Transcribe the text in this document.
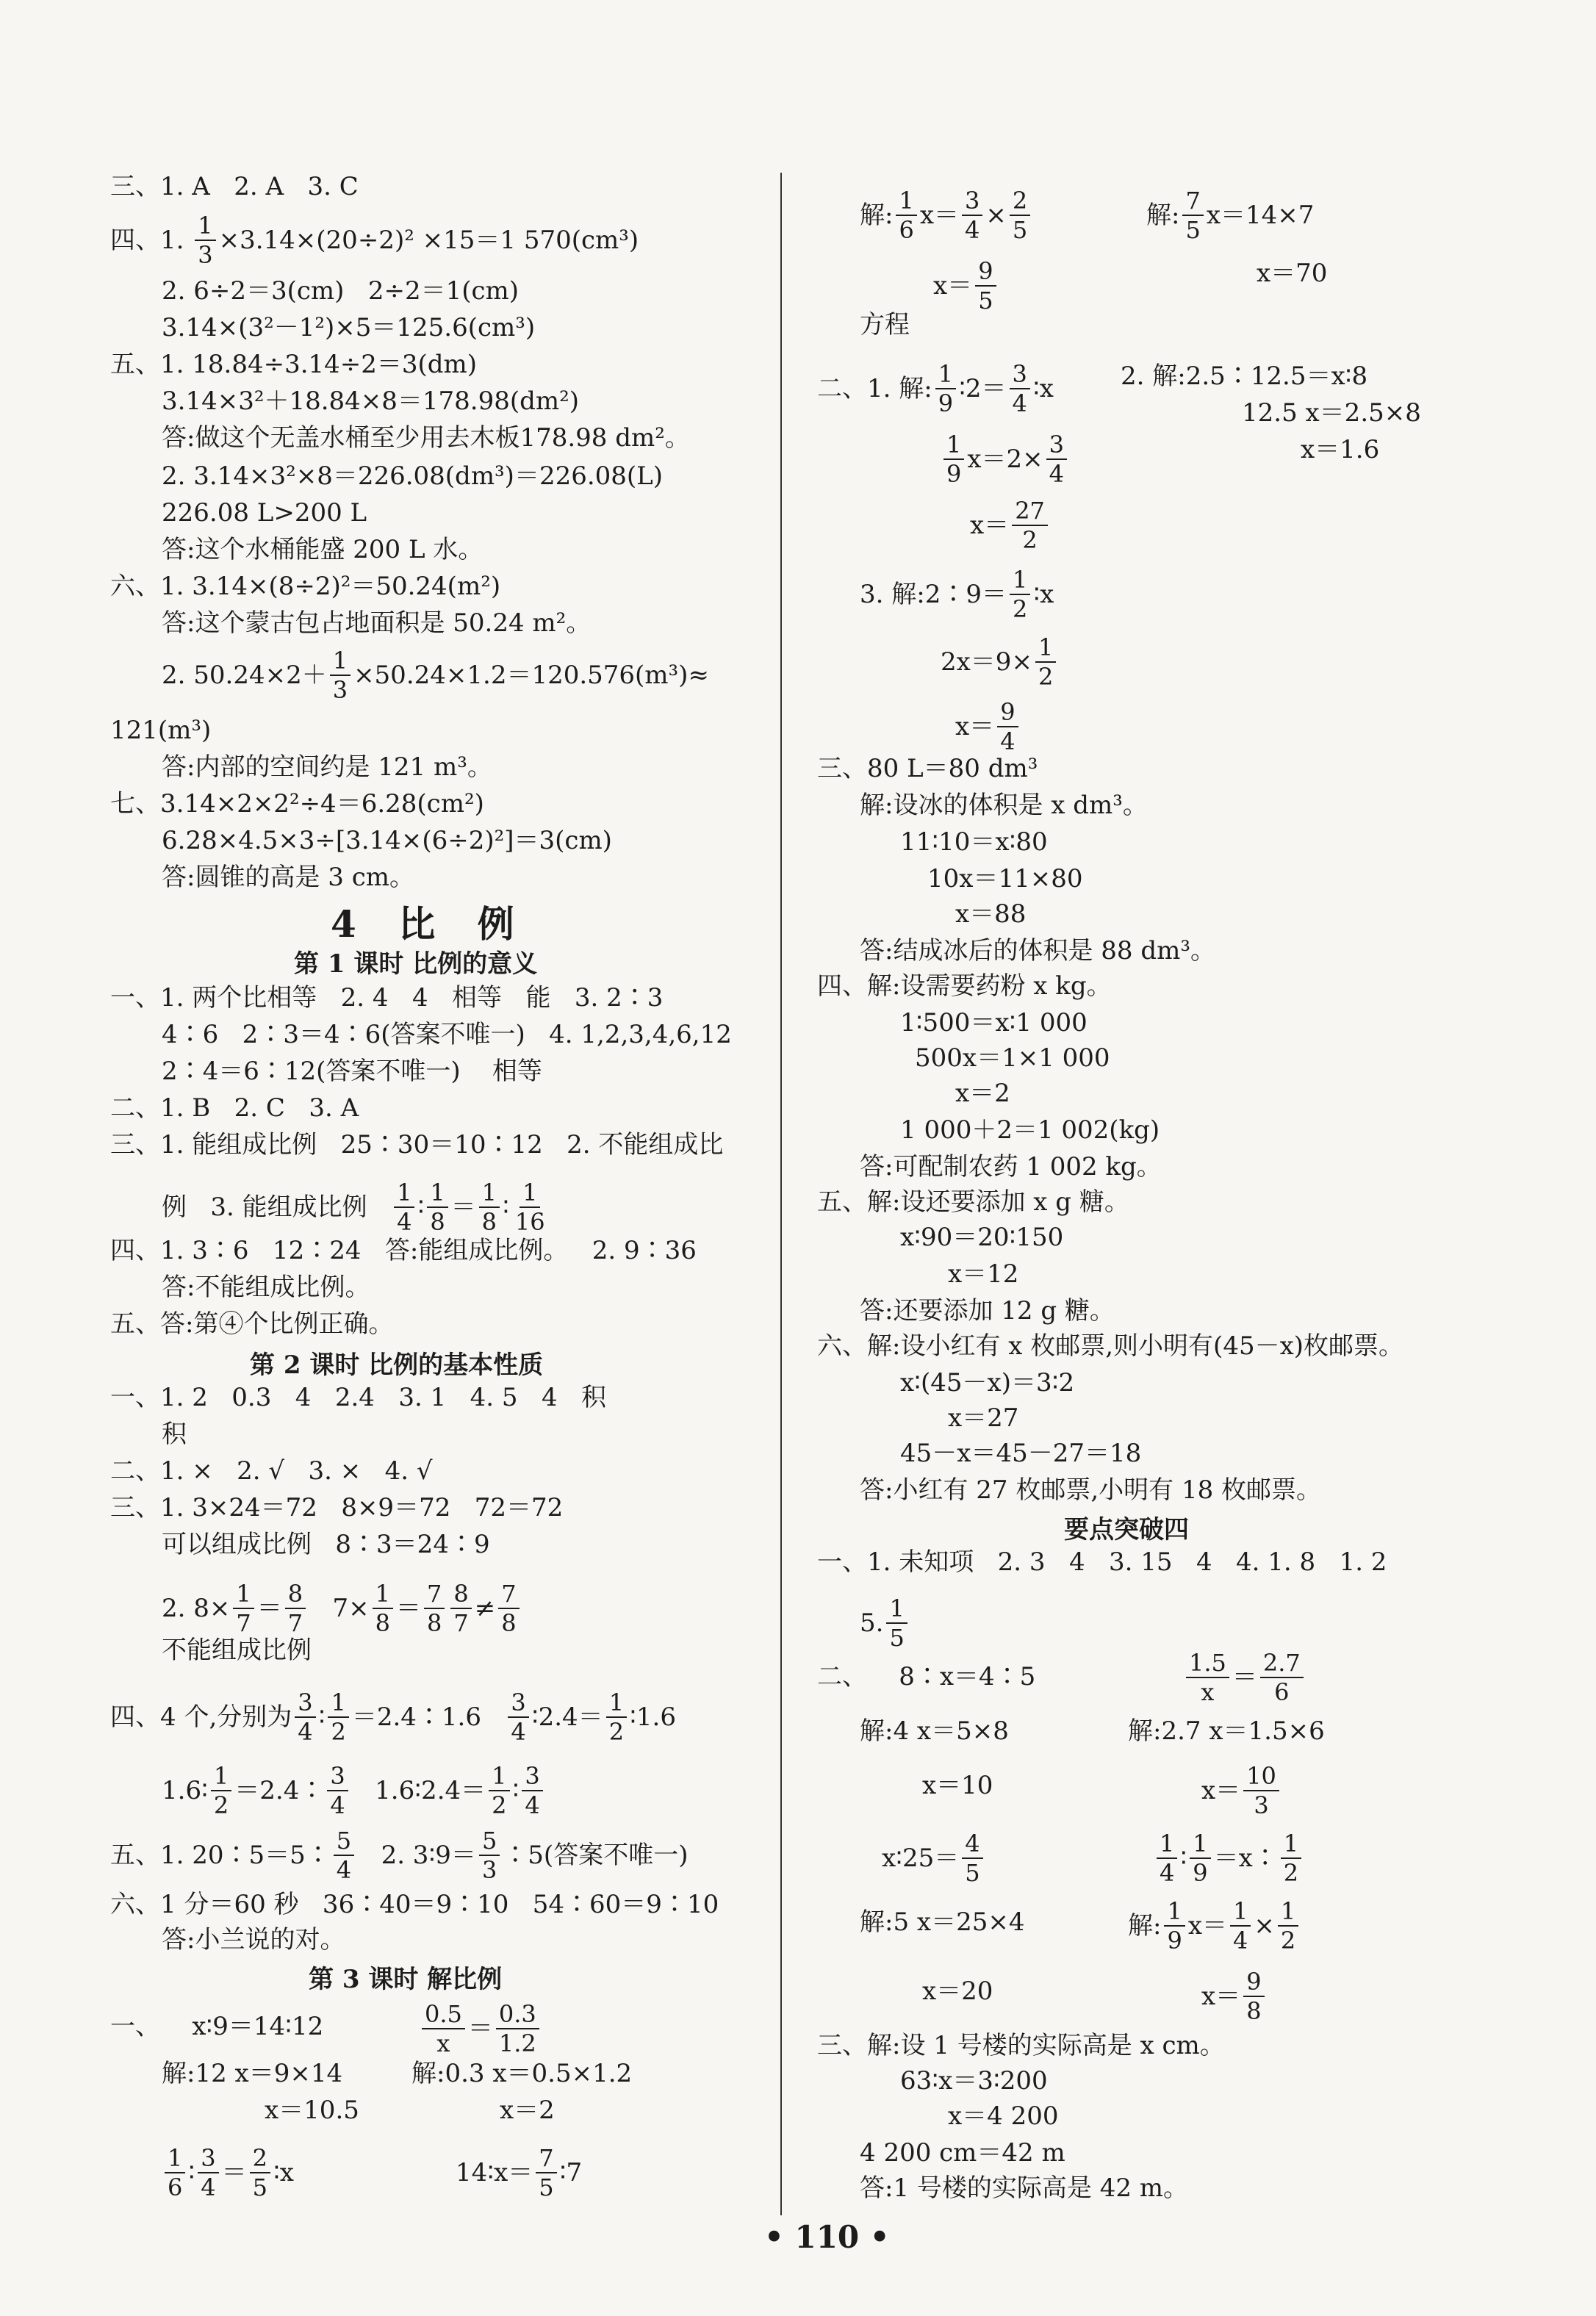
三、1. A   2. A   3. C
四、1. $\frac{1}{3} \times 3.14\times(20\div 2)^2 \times 15=1$ 570(cm³)
2. 6÷2＝3(cm)   2÷2＝1(cm)
3.14×(3²－1²)×5＝125.6(cm³)
五、1. 18.84÷3.14÷2＝3(dm)
3.14×3²＋18.84×8＝178.98(dm²)
答:做这个无盖水桶至少用去木板178.98 dm²。
2. 3.14×3²×8＝226.08(dm³)＝226.08(L)
226.08 L>200 L
答:这个水桶能盛 200 L 水。
六、1. 3.14×(8÷2)²＝50.24(m²)
答:这个蒙古包占地面积是 50.24 m²。
2. $50.24\times 2+ \frac{1}{3} \times 50.24\times 1.2=120.576(m^3)\approx$
121(m³)
答:内部的空间约是 121 m³。
七、3.14×2×2²÷4＝6.28(cm²)
6.28×4.5×3÷[3.14×(6÷2)²]＝3(cm)
答:圆锥的高是 3 cm。
4 比 例
第 1 课时 比例的意义
一、1. 两个比相等   2. 4   4   相等   能   3. 2∶3
4∶6   2∶3＝4∶6(答案不唯一)   4. 1,2,3,4,6,12
2∶4＝6∶12(答案不唯一)    相等
二、1. B   2. C   3. A
三、1. 能组成比例   25∶30＝10∶12   2. 不能组成比
例   3. 能组成比例 $\frac{1}{4}$ ∶ $\frac{1}{8} = \frac{1}{8}$ ∶ $\frac{1}{16}$
四、1. 3∶6   12∶24   答:能组成比例。   2. 9∶36
答:不能组成比例。
五、答:第④个比例正确。
第 2 课时 比例的基本性质
一、1. 2   0.3   4   2.4   3. 1   4. 5   4   积
积
二、1. ×   2. √   3. ×   4. √
三、1. 3×24＝72   8×9＝72   72＝72
可以组成比例   8∶3＝24∶9
2. $8\times \frac{1}{7} = \frac{8}{7} 7\times \frac{1}{8} = \frac{7}{8} \frac{8}{7} \ne \frac{7}{8}$
不能组成比例
四、4 个,分别为 $\frac{3}{4}$ ∶ $\frac{1}{2}$ ＝2.4∶1.6 $\frac{3}{4}$ ∶2.4＝ $\frac{1}{2}$ ∶1.6
1.6∶ $\frac{1}{2}$ ＝2.4∶ $\frac{3}{4}$ 1.6∶2.4＝ $\frac{1}{2}$ ∶ $\frac{3}{4}$
五、1. 20∶5＝5∶ $\frac{5}{4} 2$. 3∶9＝ $\frac{5}{3}$ ∶5(答案不唯一)
六、1 分＝60 秒   36∶40＝9∶10   54∶60＝9∶10
答:小兰说的对。
第 3 课时 解比例
一、    x∶9＝14∶12	$\frac{0.5}{x} = \frac{0.3}{1.2}$
解:12 x＝9×14	解:0.3 x＝0.5×1.2
x＝10.5	x＝2
$\frac{1}{6}$ ∶ $\frac{3}{4} = \frac{2}{5}$ ∶x	14∶x＝ $\frac{7}{5}$ ∶7
解: $\frac{1}{6} x= \frac{3}{4} \times \frac{2}{5}$	解: $\frac{7}{5} x=14\times 7$
$x= \frac{9}{5}$	x＝70
方程
二、1. 解: $\frac{1}{9}$ ∶2＝ $\frac{3}{4}$ ∶x	2. 解:2.5∶12.5＝x∶8
12.5 x＝2.5×8
x＝1.6
$\frac{1}{9} x=2\times \frac{3}{4}$
$x= \frac{27}{2}$
3. 解:2∶9＝ $\frac{1}{2}$ ∶x
$2x=9\times \frac{1}{2}$
$x= \frac{9}{4}$
三、80 L＝80 dm³
解:设冰的体积是 x dm³。
11∶10＝x∶80
10x＝11×80
x＝88
答:结成冰后的体积是 88 dm³。
四、解:设需要药粉 x kg。
1∶500＝x∶1 000
500x＝1×1 000
x＝2
1 000＋2＝1 002(kg)
答:可配制农药 1 002 kg。
五、解:设还要添加 x g 糖。
x∶90＝20∶150
x＝12
答:还要添加 12 g 糖。
六、解:设小红有 x 枚邮票,则小明有(45－x)枚邮票。
x∶(45－x)＝3∶2
x＝27
45－x＝45－27＝18
答:小红有 27 枚邮票,小明有 18 枚邮票。
要点突破四
一、1. 未知项   2. 3   4   3. 15   4   4. 1. 8   1. 2
5. $\frac{1}{5}$
二、    8∶x＝4∶5	$\frac{1.5}{x} = \frac{2.7}{6}$
解:4 x＝5×8	解:2.7 x＝1.5×6
x＝10	$x= \frac{10}{3}$
x∶25＝ $\frac{4}{5}$	$\frac{1}{4}$ ∶ $\frac{1}{9}$ ＝x∶ $\frac{1}{2}$
解:5 x＝25×4	解: $\frac{1}{9} x= \frac{1}{4} \times \frac{1}{2}$
x＝20	$x= \frac{9}{8}$
三、解:设 1 号楼的实际高是 x cm。
63∶x＝3∶200
x＝4 200
4 200 cm＝42 m
答:1 号楼的实际高是 42 m。
• 110 •
